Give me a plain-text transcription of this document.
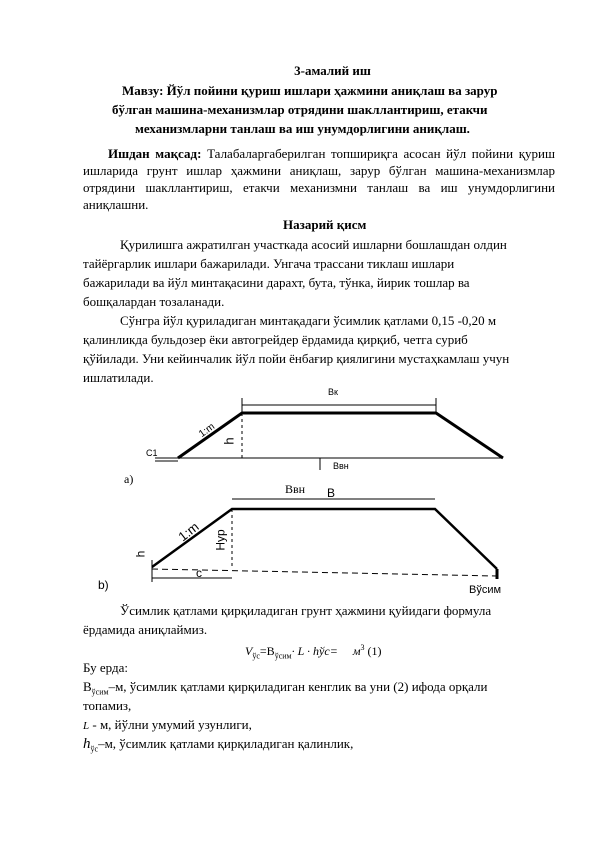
3-амалий иш
Мавзу: Йўл пойини қуриш ишлари ҳажмини аниқлаш ва зарур
бўлган машина-механизмлар отрядини шакллантириш, етакчи
механизмларни танлаш ва иш унумдорлигини аниқлаш.
Ишдан мақсад: Талабаларгаберилган топшириқга асосан йўл пойини қуриш ишларида грунт ишлар ҳажмини аниқлаш, зарур бўлган машина-механизмлар отрядини шакллантириш, етакчи механизмни танлаш ва иш унумдорлигини аниқлашни.
Назарий қисм
Қурилишга ажратилган участкада асосий ишларни бошлашдан олдин
тайёргарлик ишлари бажарилади. Унгача трассани тиклаш ишлари
бажарилади ва йўл минтақасини дарахт, бута, тўнка, йирик тошлар ва
бошқалардан тозаланади.
Сўнгра йўл қуриладиган минтақадаги ўсимлик қатлами 0,15 -0,20 м
қалинликда бульдозер ёки автогрейдер ёрдамида қирқиб, четга суриб
қўйилади. Уни кейинчалик йўл пойи ёнбағир қиялигини мустаҳкамлаш учун
ишлатилади.
а)
Bк
1:m
h
C1
Bвн
Bвн B
1:m
h
Hyp
c
Bўсим
b)
Ўсимлик қатлами қирқиладиган грунт ҳажмини қуйидаги формула
ёрдамида аниқлаймиз.
$V_{ўс}=B_{ўсим}\cdot L \cdot hўс= м^3$ (1)
Бу ерда:
$B_{ўсим}-м$, ўсимлик қатлами қирқиладиган кенглик ва уни (2) ифода орқали
топамиз,
L - м, йўлни умумий узунлиги,
$h_{ўс}-м$, ўсимлик қатлами қирқиладиган қалинлик,
